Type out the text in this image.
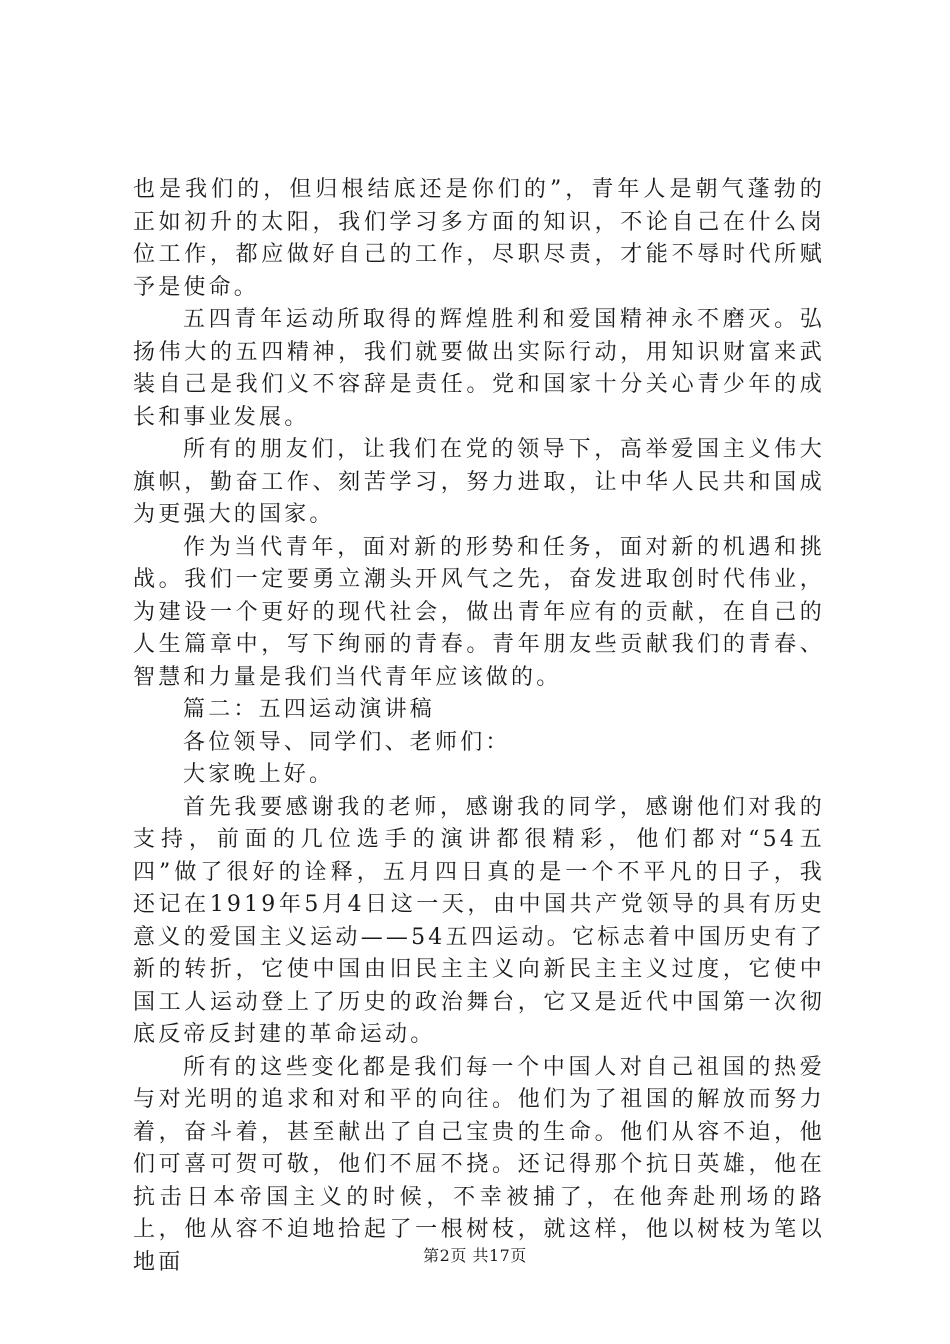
也是我们的，但归根结底还是你们的”，青年人是朝气蓬勃的正如初升的太阳，我们学习多方面的知识，不论自己在什么岗位工作，都应做好自己的工作，尽职尽责，才能不辱时代所赋予是使命。

五四青年运动所取得的辉煌胜利和爱国精神永不磨灭。弘扬伟大的五四精神，我们就要做出实际行动，用知识财富来武装自己是我们义不容辞是责任。党和国家十分关心青少年的成长和事业发展。

所有的朋友们，让我们在党的领导下，高举爱国主义伟大旗帜，勤奋工作、刻苦学习，努力进取，让中华人民共和国成为更强大的国家。

作为当代青年，面对新的形势和任务，面对新的机遇和挑战。我们一定要勇立潮头开风气之先，奋发进取创时代伟业，为建设一个更好的现代社会，做出青年应有的贡献，在自己的人生篇章中，写下绚丽的青春。青年朋友些贡献我们的青春、智慧和力量是我们当代青年应该做的。

篇二：五四运动演讲稿

各位领导、同学们、老师们：

大家晚上好。

首先我要感谢我的老师，感谢我的同学，感谢他们对我的支持，前面的几位选手的演讲都很精彩，他们都对“54五四”做了很好的诠释，五月四日真的是一个不平凡的日子，我还记在1919年5月4日这一天，由中国共产党领导的具有历史意义的爱国主义运动——54五四运动。它标志着中国历史有了新的转折，它使中国由旧民主主义向新民主主义过度，它使中国工人运动登上了历史的政治舞台，它又是近代中国第一次彻底反帝反封建的革命运动。

所有的这些变化都是我们每一个中国人对自己祖国的热爱与对光明的追求和对和平的向往。他们为了祖国的解放而努力着，奋斗着，甚至献出了自己宝贵的生命。他们从容不迫，他们可喜可贺可敬，他们不屈不挠。还记得那个抗日英雄，他在抗击日本帝国主义的时候，不幸被捕了，在他奔赴刑场的路上，他从容不迫地拾起了一根树枝，就这样，他以树枝为笔以地面	第2页 共17页
